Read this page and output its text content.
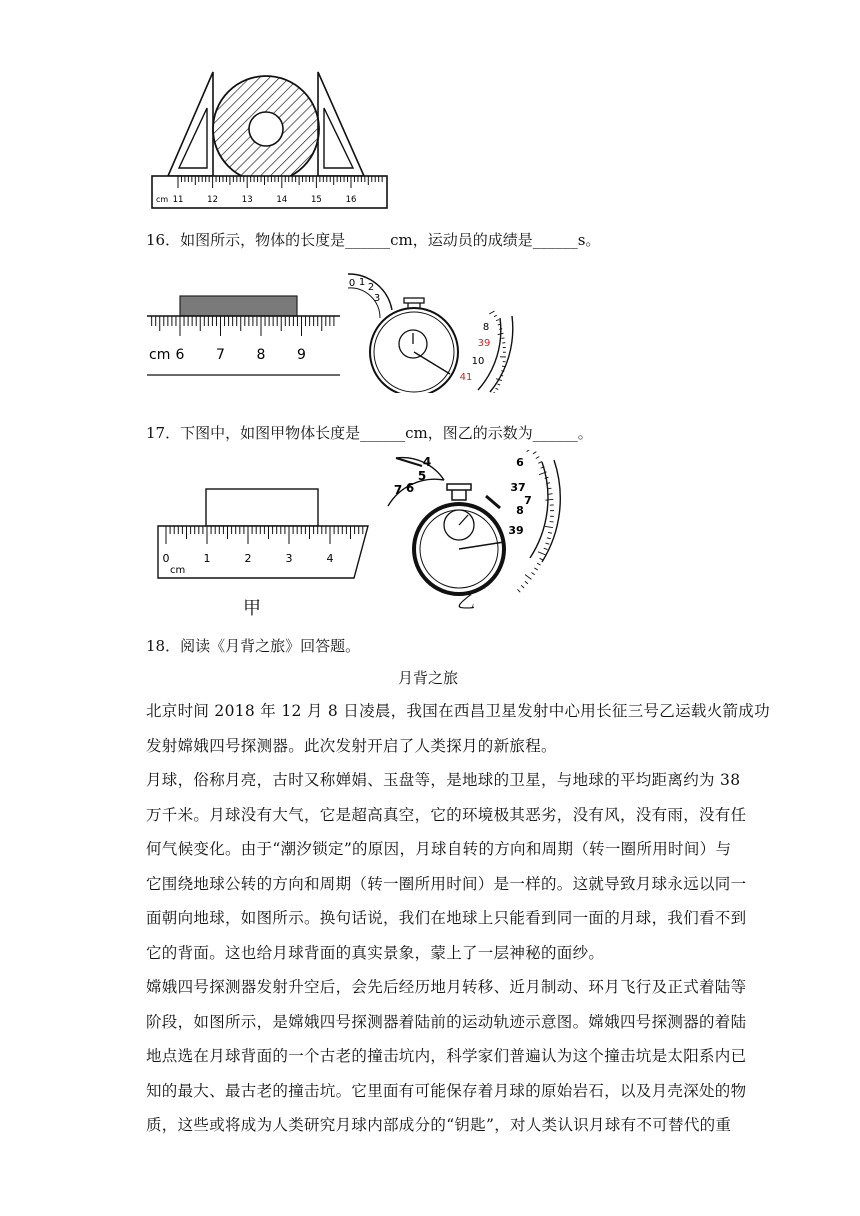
cm 11	12	13	14	15	16
16．如图所示，物体的长度是______cm，运动员的成绩是______s。
cm 6 7 8 9
0 1 2
3
8
39
10
41
17．下图中，如图甲物体长度是______cm，图乙的示数为______。
0	1	2	3	4
cm
甲
4
5
6
7
6
37
7
8
39
乙
18．阅读《月背之旅》回答题。
月背之旅

北京时间 2018 年 12 月 8 日凌晨，我国在西昌卫星发射中心用长征三号乙运载火箭成功

发射嫦娥四号探测器。此次发射开启了人类探月的新旅程。

月球，俗称月亮，古时又称婵娟、玉盘等，是地球的卫星，与地球的平均距离约为 38

万千米。月球没有大气，它是超高真空，它的环境极其恶劣，没有风，没有雨，没有任

何气候变化。由于“潮汐锁定”的原因，月球自转的方向和周期（转一圈所用时间）与

它围绕地球公转的方向和周期（转一圈所用时间）是一样的。这就导致月球永远以同一

面朝向地球，如图所示。换句话说，我们在地球上只能看到同一面的月球，我们看不到

它的背面。这也给月球背面的真实景象，蒙上了一层神秘的面纱。

嫦娥四号探测器发射升空后，会先后经历地月转移、近月制动、环月飞行及正式着陆等

阶段，如图所示，是嫦娥四号探测器着陆前的运动轨迹示意图。嫦娥四号探测器的着陆

地点选在月球背面的一个古老的撞击坑内，科学家们普遍认为这个撞击坑是太阳系内已

知的最大、最古老的撞击坑。它里面有可能保存着月球的原始岩石，以及月壳深处的物

质，这些或将成为人类研究月球内部成分的“钥匙”，对人类认识月球有不可替代的重
